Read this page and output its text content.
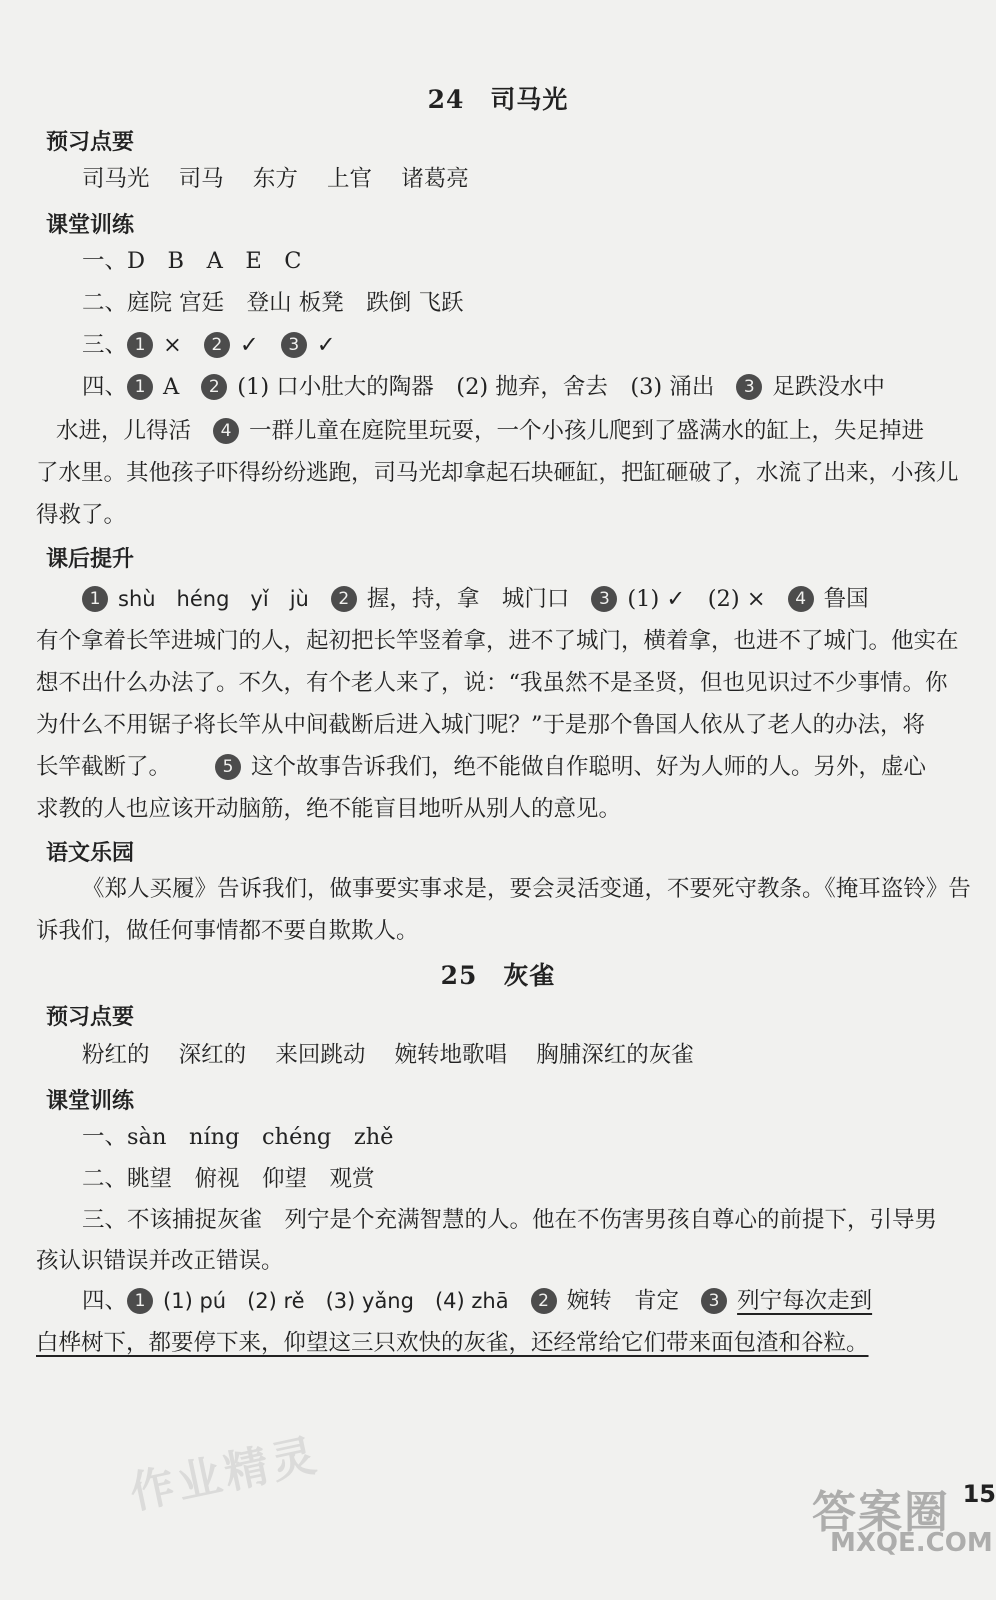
24 司马光
预习点要
司马光 司马 东方 上官 诸葛亮
课堂训练
一、D　B　A　E　C
二、庭院 宫廷　登山 板凳　跌倒 飞跃
三、 1 × 2 ✓ 3 ✓
四、 1 A 2 (1) 口小肚大的陶器　(2) 抛弃，舍去　(3) 涌出 3 足跌没水中
水进，儿得活 4 一群儿童在庭院里玩耍，一个小孩儿爬到了盛满水的缸上，失足掉进
了水里。其他孩子吓得纷纷逃跑，司马光却拿起石块砸缸，把缸砸破了，水流了出来，小孩儿
得救了。
课后提升
1 shù　héng　yǐ　jù 2 握，持，拿　城门口 3 (1) ✓　(2) × 4 鲁国
有个拿着长竿进城门的人，起初把长竿竖着拿，进不了城门，横着拿，也进不了城门。他实在
想不出什么办法了。不久，有个老人来了，说：“我虽然不是圣贤，但也见识过不少事情。你
为什么不用锯子将长竿从中间截断后进入城门呢？”于是那个鲁国人依从了老人的办法，将
长竿截断了。	5 这个故事告诉我们，绝不能做自作聪明、好为人师的人。另外，虚心
求教的人也应该开动脑筋，绝不能盲目地听从别人的意见。
语文乐园
《郑人买履》告诉我们，做事要实事求是，要会灵活变通，不要死守教条。《掩耳盗铃》告
诉我们，做任何事情都不要自欺欺人。
25 灰雀
预习点要
粉红的 深红的 来回跳动 婉转地歌唱 胸脯深红的灰雀
课堂训练
一、sàn　níng　chéng　zhě
二、眺望　俯视　仰望　观赏
三、不该捕捉灰雀　列宁是个充满智慧的人。他在不伤害男孩自尊心的前提下，引导男
孩认识错误并改正错误。
四、 1 (1) pú　(2) rě　(3) yǎng　(4) zhā 2 婉转　肯定 3 列宁每次走到
白桦树下，都要停下来，仰望这三只欢快的灰雀，还经常给它们带来面包渣和谷粒。
作业精灵	答案圈
MXQE.COM
15
